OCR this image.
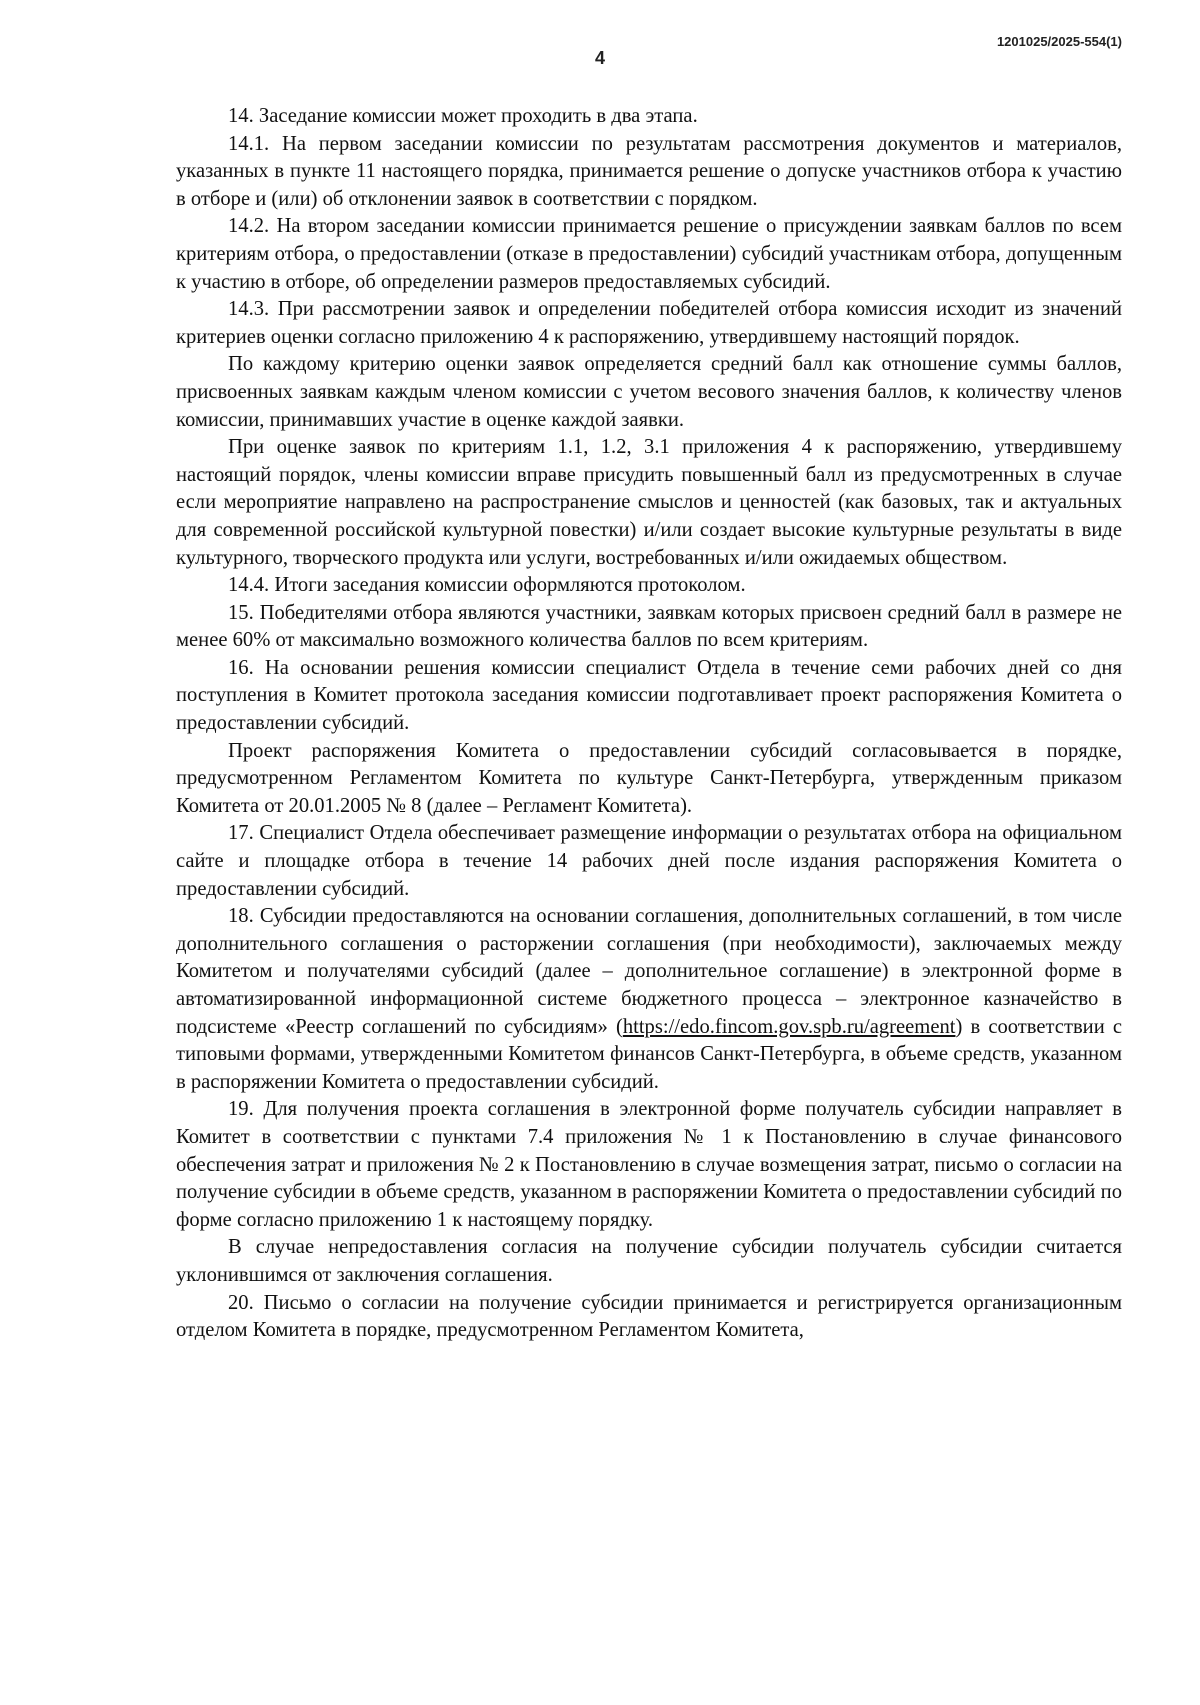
1201025/2025-554(1)
4

14. Заседание комиссии может проходить в два этапа.

14.1. На первом заседании комиссии по результатам рассмотрения документов и материалов, указанных в пункте 11 настоящего порядка, принимается решение о допуске участников отбора к участию в отборе и (или) об отклонении заявок в соответствии с порядком.

14.2. На втором заседании комиссии принимается решение о присуждении заявкам баллов по всем критериям отбора, о предоставлении (отказе в предоставлении) субсидий участникам отбора, допущенным к участию в отборе, об определении размеров предоставляемых субсидий.

14.3. При рассмотрении заявок и определении победителей отбора комиссия исходит из значений критериев оценки согласно приложению 4 к распоряжению, утвердившему настоящий порядок.

По каждому критерию оценки заявок определяется средний балл как отношение суммы баллов, присвоенных заявкам каждым членом комиссии с учетом весового значения баллов, к количеству членов комиссии, принимавших участие в оценке каждой заявки.

При оценке заявок по критериям 1.1, 1.2, 3.1 приложения 4 к распоряжению, утвердившему настоящий порядок, члены комиссии вправе присудить повышенный балл из предусмотренных в случае если мероприятие направлено на распространение смыслов и ценностей (как базовых, так и актуальных для современной российской культурной повестки) и/или создает высокие культурные результаты в виде культурного, творческого продукта или услуги, востребованных и/или ожидаемых обществом.

14.4. Итоги заседания комиссии оформляются протоколом.

15. Победителями отбора являются участники, заявкам которых присвоен средний балл в размере не менее 60% от максимально возможного количества баллов по всем критериям.

16. На основании решения комиссии специалист Отдела в течение семи рабочих дней со дня поступления в Комитет протокола заседания комиссии подготавливает проект распоряжения Комитета о предоставлении субсидий.

Проект распоряжения Комитета о предоставлении субсидий согласовывается в порядке, предусмотренном Регламентом Комитета по культуре Санкт-Петербурга, утвержденным приказом Комитета от 20.01.2005 № 8 (далее – Регламент Комитета).

17. Специалист Отдела обеспечивает размещение информации о результатах отбора на официальном сайте и площадке отбора в течение 14 рабочих дней после издания распоряжения Комитета о предоставлении субсидий.

18. Субсидии предоставляются на основании соглашения, дополнительных соглашений, в том числе дополнительного соглашения о расторжении соглашения (при необходимости), заключаемых между Комитетом и получателями субсидий (далее – дополнительное соглашение) в электронной форме в автоматизированной информационной системе бюджетного процесса – электронное казначейство в подсистеме «Реестр соглашений по субсидиям» (https://edo.fincom.gov.spb.ru/agreement) в соответствии с типовыми формами, утвержденными Комитетом финансов Санкт-Петербурга, в объеме средств, указанном в распоряжении Комитета о предоставлении субсидий.

19. Для получения проекта соглашения в электронной форме получатель субсидии направляет в Комитет в соответствии с пунктами 7.4 приложения № 1 к Постановлению в случае финансового обеспечения затрат и приложения № 2 к Постановлению в случае возмещения затрат, письмо о согласии на получение субсидии в объеме средств, указанном в распоряжении Комитета о предоставлении субсидий по форме согласно приложению 1 к настоящему порядку.

В случае непредоставления согласия на получение субсидии получатель субсидии считается уклонившимся от заключения соглашения.

20. Письмо о согласии на получение субсидии принимается и регистрируется организационным отделом Комитета в порядке, предусмотренном Регламентом Комитета,
